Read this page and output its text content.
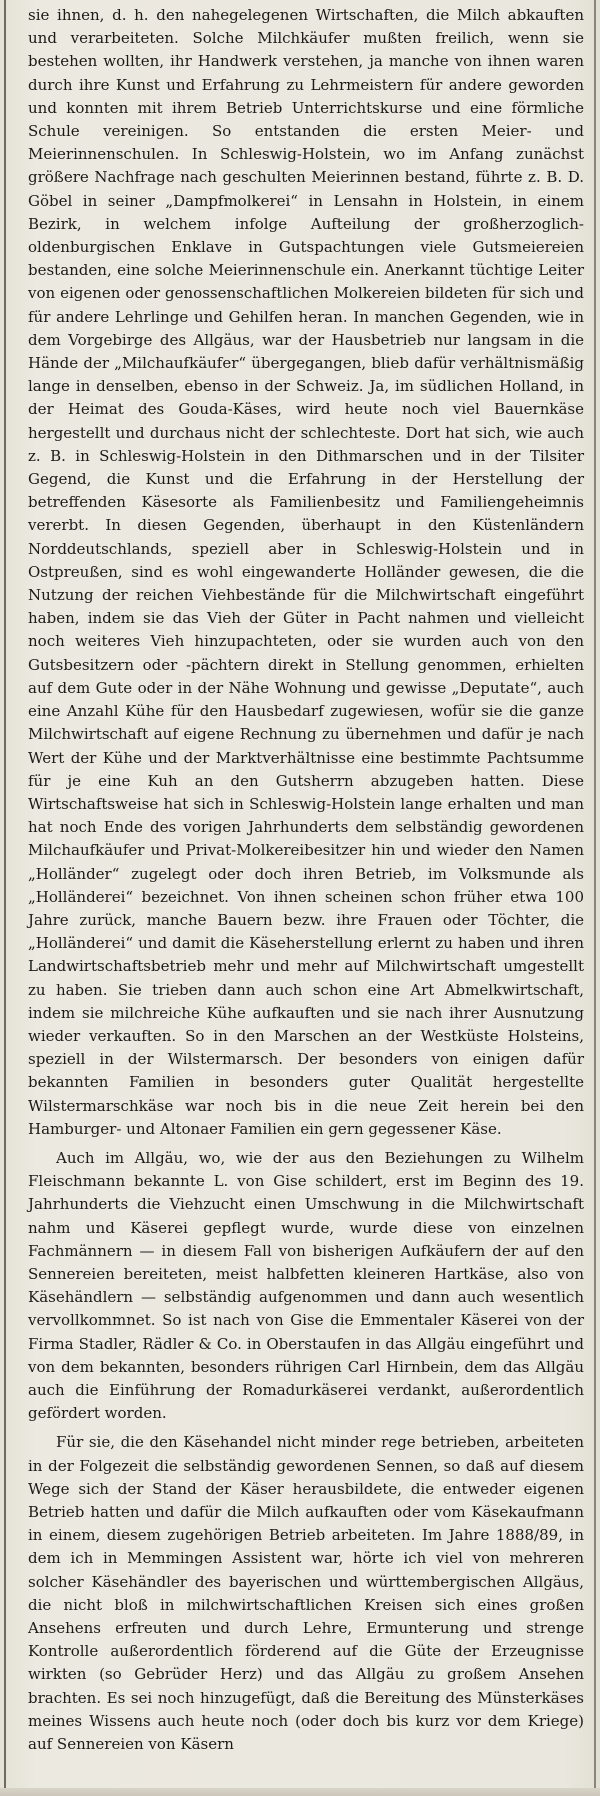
sie ihnen, d. h. den nahegelegenen Wirtschaften, die Milch abkauften und verarbeiteten. Solche Milchkäufer mußten freilich, wenn sie bestehen wollten, ihr Handwerk verstehen, ja manche von ihnen waren durch ihre Kunst und Erfahrung zu Lehrmeistern für andere geworden und konnten mit ihrem Betrieb Unterrichtskurse und eine förmliche Schule vereinigen. So entstanden die ersten Meier- und Meierinnenschulen. In Schleswig-Holstein, wo im Anfang zunächst größere Nachfrage nach geschulten Meierinnen bestand, führte z. B. D. Göbel in seiner „Dampfmolkerei“ in Lensahn in Holstein, in einem Bezirk, in welchem infolge Aufteilung der großherzoglich-oldenburgischen Enklave in Gutspachtungen viele Gutsmeiereien bestanden, eine solche Meierinnenschule ein. Anerkannt tüchtige Leiter von eigenen oder genossenschaftlichen Molkereien bildeten für sich und für andere Lehrlinge und Gehilfen heran. In manchen Gegenden, wie in dem Vorgebirge des Allgäus, war der Hausbetrieb nur langsam in die Hände der „Milchaufkäufer“ übergegangen, blieb dafür verhältnismäßig lange in denselben, ebenso in der Schweiz. Ja, im südlichen Holland, in der Heimat des Gouda-Käses, wird heute noch viel Bauernkäse hergestellt und durchaus nicht der schlechteste. Dort hat sich, wie auch z. B. in Schleswig-Holstein in den Dithmarschen und in der Tilsiter Gegend, die Kunst und die Erfahrung in der Herstellung der betreffenden Käsesorte als Familienbesitz und Familiengeheimnis vererbt. In diesen Gegenden, überhaupt in den Küstenländern Norddeutschlands, speziell aber in Schleswig-Holstein und in Ostpreußen, sind es wohl eingewanderte Holländer gewesen, die die Nutzung der reichen Viehbestände für die Milchwirtschaft eingeführt haben, indem sie das Vieh der Güter in Pacht nahmen und vielleicht noch weiteres Vieh hinzupachteten, oder sie wurden auch von den Gutsbesitzern oder -pächtern direkt in Stellung genommen, erhielten auf dem Gute oder in der Nähe Wohnung und gewisse „Deputate“, auch eine Anzahl Kühe für den Hausbedarf zugewiesen, wofür sie die ganze Milchwirtschaft auf eigene Rechnung zu übernehmen und dafür je nach Wert der Kühe und der Marktverhältnisse eine bestimmte Pachtsumme für je eine Kuh an den Gutsherrn abzugeben hatten. Diese Wirtschaftsweise hat sich in Schleswig-Holstein lange erhalten und man hat noch Ende des vorigen Jahrhunderts dem selbständig gewordenen Milchaufkäufer und Privat-Molkereibesitzer hin und wieder den Namen „Holländer“ zugelegt oder doch ihren Betrieb, im Volksmunde als „Holländerei“ bezeichnet. Von ihnen scheinen schon früher etwa 100 Jahre zurück, manche Bauern bezw. ihre Frauen oder Töchter, die „Holländerei“ und damit die Käseherstellung erlernt zu haben und ihren Landwirtschaftsbetrieb mehr und mehr auf Milchwirtschaft umgestellt zu haben. Sie trieben dann auch schon eine Art Abmelkwirtschaft, indem sie milchreiche Kühe aufkauften und sie nach ihrer Ausnutzung wieder verkauften. So in den Marschen an der Westküste Holsteins, speziell in der Wilstermarsch. Der besonders von einigen dafür bekannten Familien in besonders guter Qualität hergestellte Wilstermarschkäse war noch bis in die neue Zeit herein bei den Hamburger- und Altonaer Familien ein gern gegessener Käse.

Auch im Allgäu, wo, wie der aus den Beziehungen zu Wilhelm Fleischmann bekannte L. von Gise schildert, erst im Beginn des 19. Jahrhunderts die Viehzucht einen Umschwung in die Milchwirtschaft nahm und Käserei gepflegt wurde, wurde diese von einzelnen Fachmännern — in diesem Fall von bisherigen Aufkäufern der auf den Sennereien bereiteten, meist halbfetten kleineren Hartkäse, also von Käsehändlern — selbständig aufgenommen und dann auch wesentlich vervollkommnet. So ist nach von Gise die Emmentaler Käserei von der Firma Stadler, Rädler & Co. in Oberstaufen in das Allgäu eingeführt und von dem bekannten, besonders rührigen Carl Hirnbein, dem das Allgäu auch die Einführung der Romadurkäserei verdankt, außerordentlich gefördert worden.

Für sie, die den Käsehandel nicht minder rege betrieben, arbeiteten in der Folgezeit die selbständig gewordenen Sennen, so daß auf diesem Wege sich der Stand der Käser herausbildete, die entweder eigenen Betrieb hatten und dafür die Milch aufkauften oder vom Käsekaufmann in einem, diesem zugehörigen Betrieb arbeiteten. Im Jahre 1888/89, in dem ich in Memmingen Assistent war, hörte ich viel von mehreren solcher Käsehändler des bayerischen und württembergischen Allgäus, die nicht bloß in milchwirtschaftlichen Kreisen sich eines großen Ansehens erfreuten und durch Lehre, Ermunterung und strenge Kontrolle außerordentlich förderend auf die Güte der Erzeugnisse wirkten (so Gebrüder Herz) und das Allgäu zu großem Ansehen brachten. Es sei noch hinzugefügt, daß die Bereitung des Münsterkäses meines Wissens auch heute noch (oder doch bis kurz vor dem Kriege) auf Sennereien von Käsern
